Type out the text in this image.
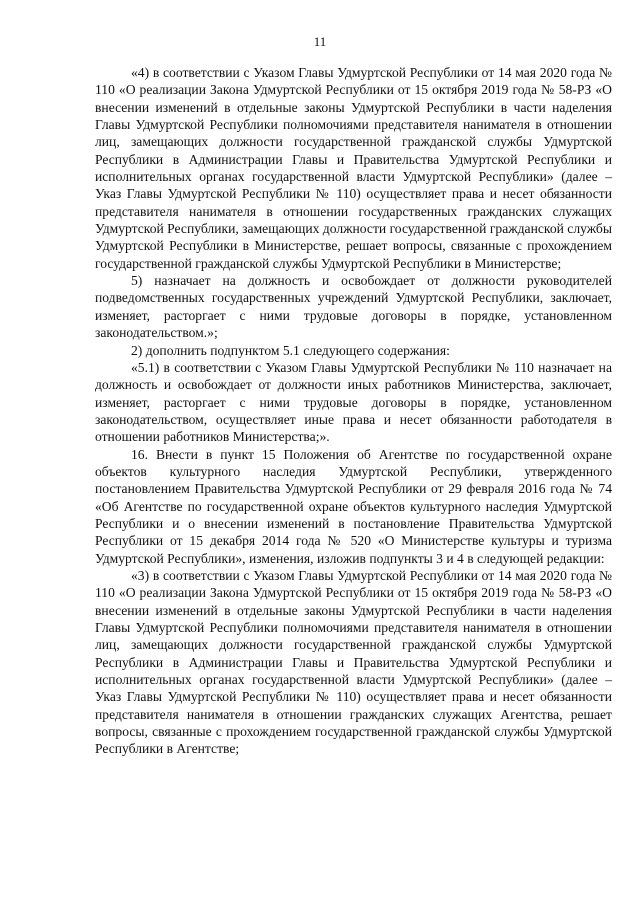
11

«4) в соответствии с Указом Главы Удмуртской Республики от 14 мая 2020 года № 110 «О реализации Закона Удмуртской Республики от 15 октября 2019 года № 58-РЗ «О внесении изменений в отдельные законы Удмуртской Республики в части наделения Главы Удмуртской Республики полномочиями представителя нанимателя в отношении лиц, замещающих должности государственной гражданской службы Удмуртской Республики в Администрации Главы и Правительства Удмуртской Республики и исполнительных органах государственной власти Удмуртской Республики» (далее – Указ Главы Удмуртской Республики № 110) осуществляет права и несет обязанности представителя нанимателя в отношении государственных гражданских служащих Удмуртской Республики, замещающих должности государственной гражданской службы Удмуртской Республики в Министерстве, решает вопросы, связанные с прохождением государственной гражданской службы Удмуртской Республики в Министерстве;

5) назначает на должность и освобождает от должности руководителей подведомственных государственных учреждений Удмуртской Республики, заключает, изменяет, расторгает с ними трудовые договоры в порядке, установленном законодательством.»;

2) дополнить подпунктом 5.1 следующего содержания:

«5.1) в соответствии с Указом Главы Удмуртской Республики № 110 назначает на должность и освобождает от должности иных работников Министерства, заключает, изменяет, расторгает с ними трудовые договоры в порядке, установленном законодательством, осуществляет иные права и несет обязанности работодателя в отношении работников Министерства;».

16. Внести в пункт 15 Положения об Агентстве по государственной охране объектов культурного наследия Удмуртской Республики, утвержденного постановлением Правительства Удмуртской Республики от 29 февраля 2016 года № 74 «Об Агентстве по государственной охране объектов культурного наследия Удмуртской Республики и о внесении изменений в постановление Правительства Удмуртской Республики от 15 декабря 2014 года № 520 «О Министерстве культуры и туризма Удмуртской Республики», изменения, изложив подпункты 3 и 4 в следующей редакции:

«3) в соответствии с Указом Главы Удмуртской Республики от 14 мая 2020 года № 110 «О реализации Закона Удмуртской Республики от 15 октября 2019 года № 58-РЗ «О внесении изменений в отдельные законы Удмуртской Республики в части наделения Главы Удмуртской Республики полномочиями представителя нанимателя в отношении лиц, замещающих должности государственной гражданской службы Удмуртской Республики в Администрации Главы и Правительства Удмуртской Республики и исполнительных органах государственной власти Удмуртской Республики» (далее – Указ Главы Удмуртской Республики № 110) осуществляет права и несет обязанности представителя нанимателя в отношении гражданских служащих Агентства, решает вопросы, связанные с прохождением государственной гражданской службы Удмуртской Республики в Агентстве;
